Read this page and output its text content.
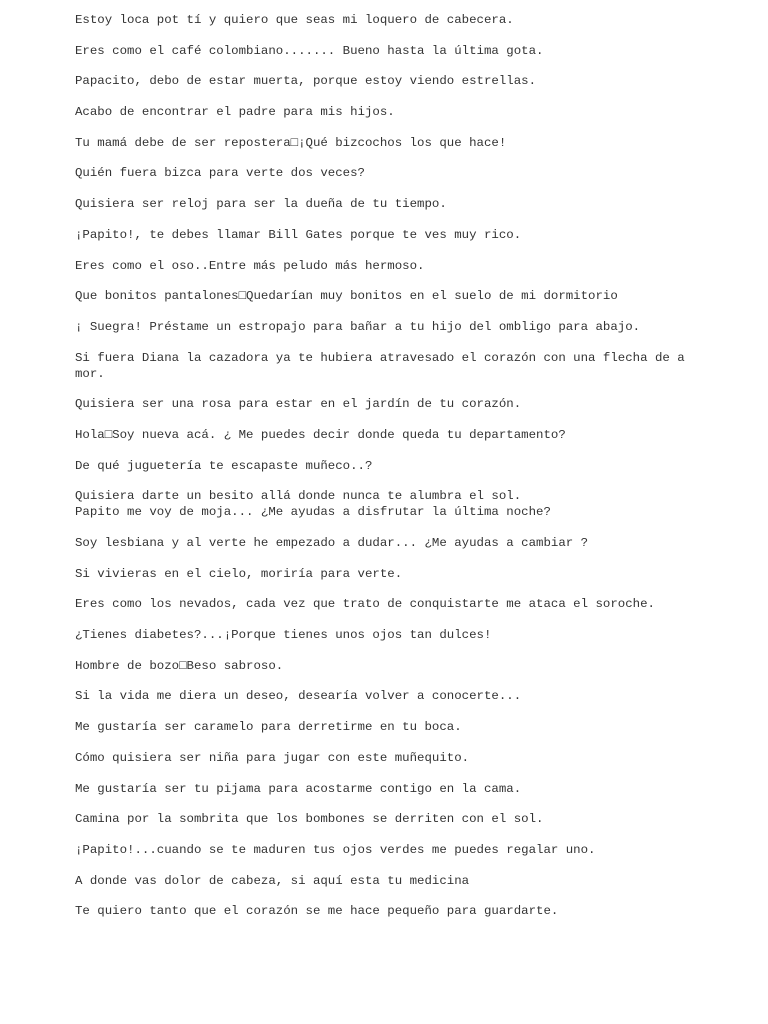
Estoy loca pot tí y quiero que seas mi loquero de cabecera.

Eres como el café colombiano....... Bueno hasta la última gota.

Papacito, debo de estar muerta, porque estoy viendo estrellas.

Acabo de encontrar el padre para mis hijos.

Tu mamá debe de ser repostera□¡Qué bizcochos los que hace!

Quién fuera bizca para verte dos veces?

Quisiera ser reloj para ser la dueña de tu tiempo.

¡Papito!, te debes llamar Bill Gates porque te ves muy rico.

Eres como el oso..Entre más peludo más hermoso.

Que bonitos pantalones□Quedarían muy bonitos en el suelo de mi dormitorio

¡ Suegra! Préstame un estropajo para bañar a tu hijo del ombligo para abajo.

Si fuera Diana la cazadora ya te hubiera atravesado el corazón con una flecha de a
mor.

Quisiera ser una rosa para estar en el jardín de tu corazón.

Hola□Soy nueva acá. ¿ Me puedes decir donde queda tu departamento?

De qué juguetería te escapaste muñeco..?

Quisiera darte un besito allá donde nunca te alumbra el sol.
Papito me voy de moja... ¿Me ayudas a disfrutar la última noche?

Soy lesbiana y al verte he empezado a dudar... ¿Me ayudas a cambiar ?

Si vivieras en el cielo, moriría para verte.

Eres como los nevados, cada vez que trato de conquistarte me ataca el soroche.

¿Tienes diabetes?...¡Porque tienes unos ojos tan dulces!

Hombre de bozo□Beso sabroso.

Si la vida me diera un deseo, desearía volver a conocerte...

Me gustaría ser caramelo para derretirme en tu boca.

Cómo quisiera ser niña para jugar con este muñequito.

Me gustaría ser tu pijama para acostarme contigo en la cama.

Camina por la sombrita que los bombones se derriten con el sol.

¡Papito!...cuando se te maduren tus ojos verdes me puedes regalar uno.

A donde vas dolor de cabeza, si aquí esta tu medicina

Te quiero tanto que el corazón se me hace pequeño para guardarte.
